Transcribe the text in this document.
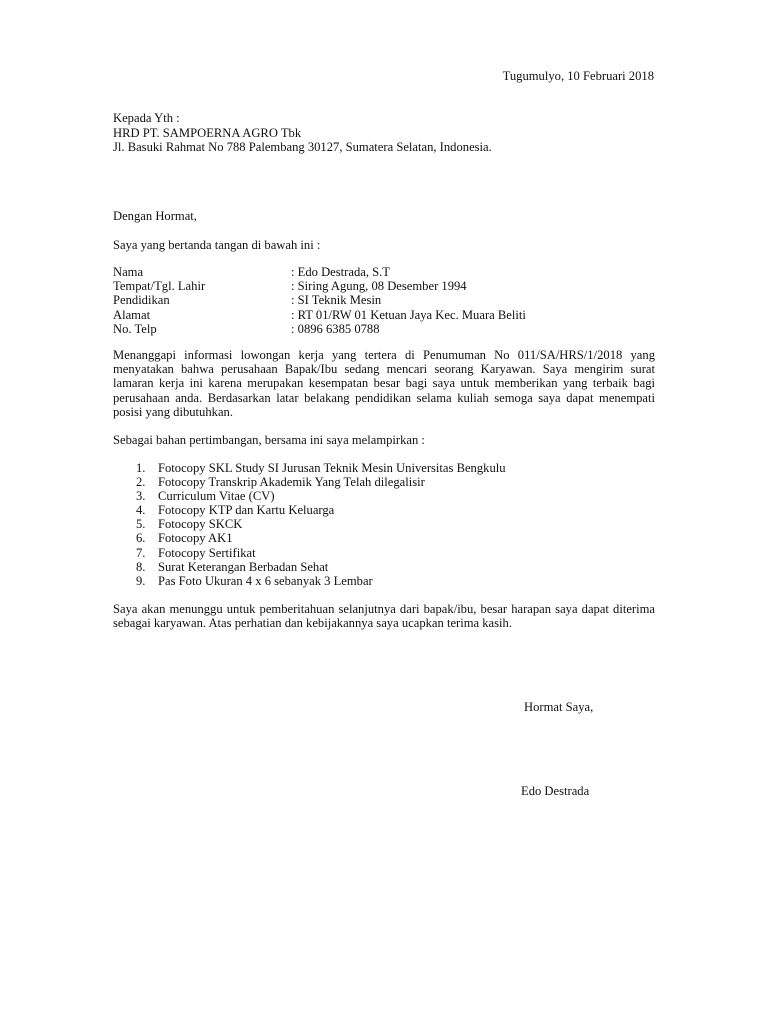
Tugumulyo, 10 Februari 2018
Kepada Yth :
HRD PT. SAMPOERNA AGRO Tbk
Jl. Basuki Rahmat No 788 Palembang 30127, Sumatera Selatan, Indonesia.
Dengan Hormat,
Saya yang bertanda tangan di bawah ini :
Nama	: Edo Destrada, S.T
Tempat/Tgl. Lahir	: Siring Agung, 08 Desember 1994
Pendidikan	: SI Teknik Mesin
Alamat	: RT 01/RW 01 Ketuan Jaya Kec. Muara Beliti
No. Telp	: 0896 6385 0788
Menanggapi informasi lowongan kerja yang tertera di Penumuman No 011/SA/HRS/1/2018 yang menyatakan bahwa perusahaan Bapak/Ibu sedang mencari seorang Karyawan. Saya mengirim surat lamaran kerja ini karena merupakan kesempatan besar bagi saya untuk memberikan yang terbaik bagi perusahaan anda. Berdasarkan latar belakang pendidikan selama kuliah semoga saya dapat menempati posisi yang dibutuhkan.
Sebagai bahan pertimbangan, bersama ini saya melampirkan :
1. Fotocopy SKL Study SI Jurusan Teknik Mesin Universitas Bengkulu
2. Fotocopy Transkrip Akademik Yang Telah dilegalisir
3. Curriculum Vitae (CV)
4. Fotocopy KTP dan Kartu Keluarga
5. Fotocopy SKCK
6. Fotocopy AK1
7. Fotocopy Sertifikat
8. Surat Keterangan Berbadan Sehat
9. Pas Foto Ukuran 4 x 6 sebanyak 3 Lembar
Saya akan menunggu untuk pemberitahuan selanjutnya dari bapak/ibu, besar harapan saya dapat diterima sebagai karyawan. Atas perhatian dan kebijakannya saya ucapkan terima kasih.
Hormat Saya,
Edo Destrada
